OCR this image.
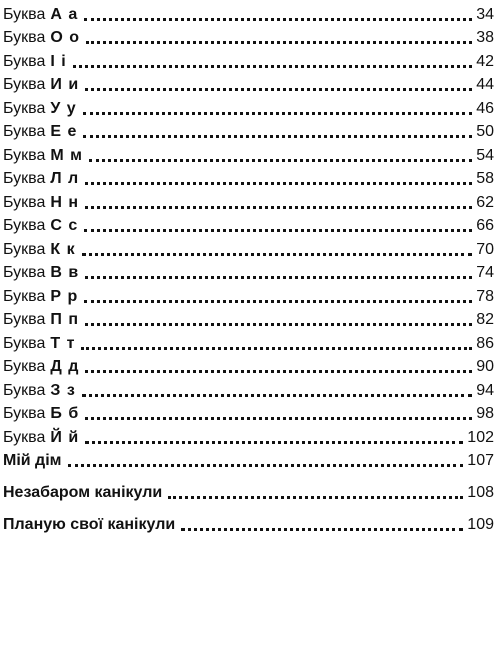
Буква А а	34
Буква О о	38
Буква І і	42
Буква И и	44
Буква У у	46
Буква Е е	50
Буква М м	54
Буква Л л	58
Буква Н н	62
Буква С с	66
Буква К к	70
Буква В в	74
Буква Р р	78
Буква П п	82
Буква Т т	86
Буква Д д	90
Буква З з	94
Буква Б б	98
Буква Й й	102
Мій дім	107
Незабаром канікули	108
Планую свої канікули	109
